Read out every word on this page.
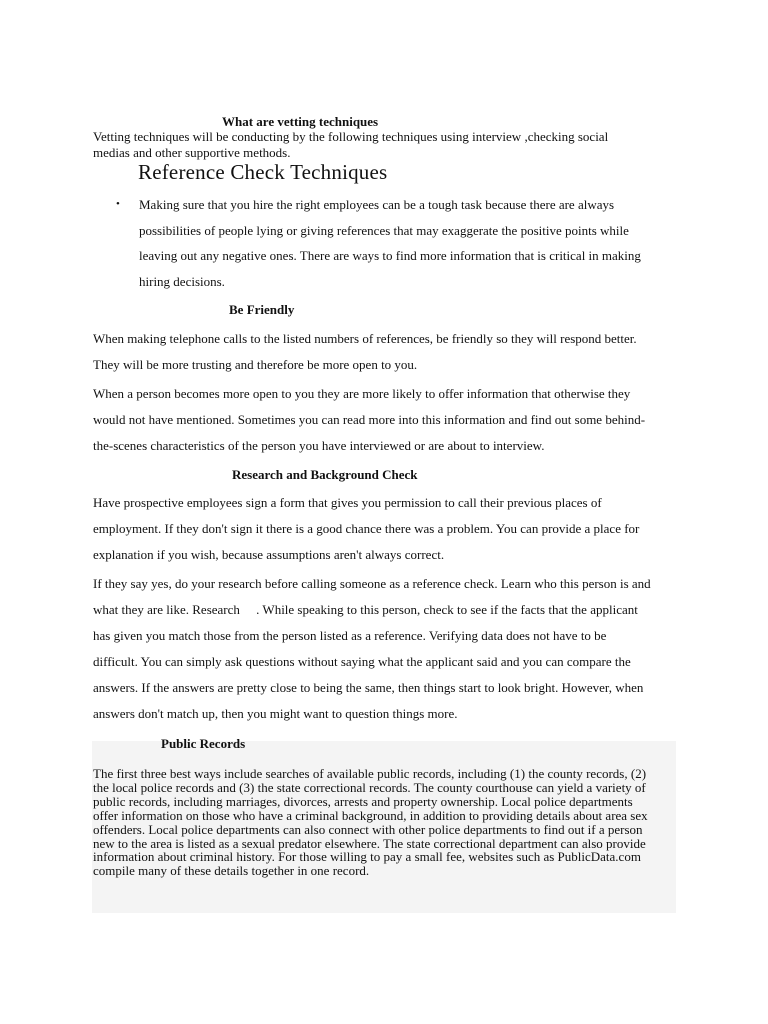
What are vetting techniques
Vetting techniques will be conducting by the following techniques using interview ,checking social
medias and other supportive methods.
Reference Check Techniques
• Making sure that you hire the right employees can be a tough task because there are always
possibilities of people lying or giving references that may exaggerate the positive points while
leaving out any negative ones. There are ways to find more information that is critical in making
hiring decisions.
Be Friendly
When making telephone calls to the listed numbers of references, be friendly so they will respond better.
They will be more trusting and therefore be more open to you.
When a person becomes more open to you they are more likely to offer information that otherwise they
would not have mentioned. Sometimes you can read more into this information and find out some behind-
the-scenes characteristics of the person you have interviewed or are about to interview.
Research and Background Check
Have prospective employees sign a form that gives you permission to call their previous places of
employment. If they don't sign it there is a good chance there was a problem. You can provide a place for
explanation if you wish, because assumptions aren't always correct.
If they say yes, do your research before calling someone as a reference check. Learn who this person is and
what they are like. Research     . While speaking to this person, check to see if the facts that the applicant
has given you match those from the person listed as a reference. Verifying data does not have to be
difficult. You can simply ask questions without saying what the applicant said and you can compare the
answers. If the answers are pretty close to being the same, then things start to look bright. However, when
answers don't match up, then you might want to question things more.
Public Records
The first three best ways include searches of available public records, including (1) the county records, (2)
the local police records and (3) the state correctional records. The county courthouse can yield a variety of
public records, including marriages, divorces, arrests and property ownership. Local police departments
offer information on those who have a criminal background, in addition to providing details about area sex
offenders. Local police departments can also connect with other police departments to find out if a person
new to the area is listed as a sexual predator elsewhere. The state correctional department can also provide
information about criminal history. For those willing to pay a small fee, websites such as PublicData.com
compile many of these details together in one record.
